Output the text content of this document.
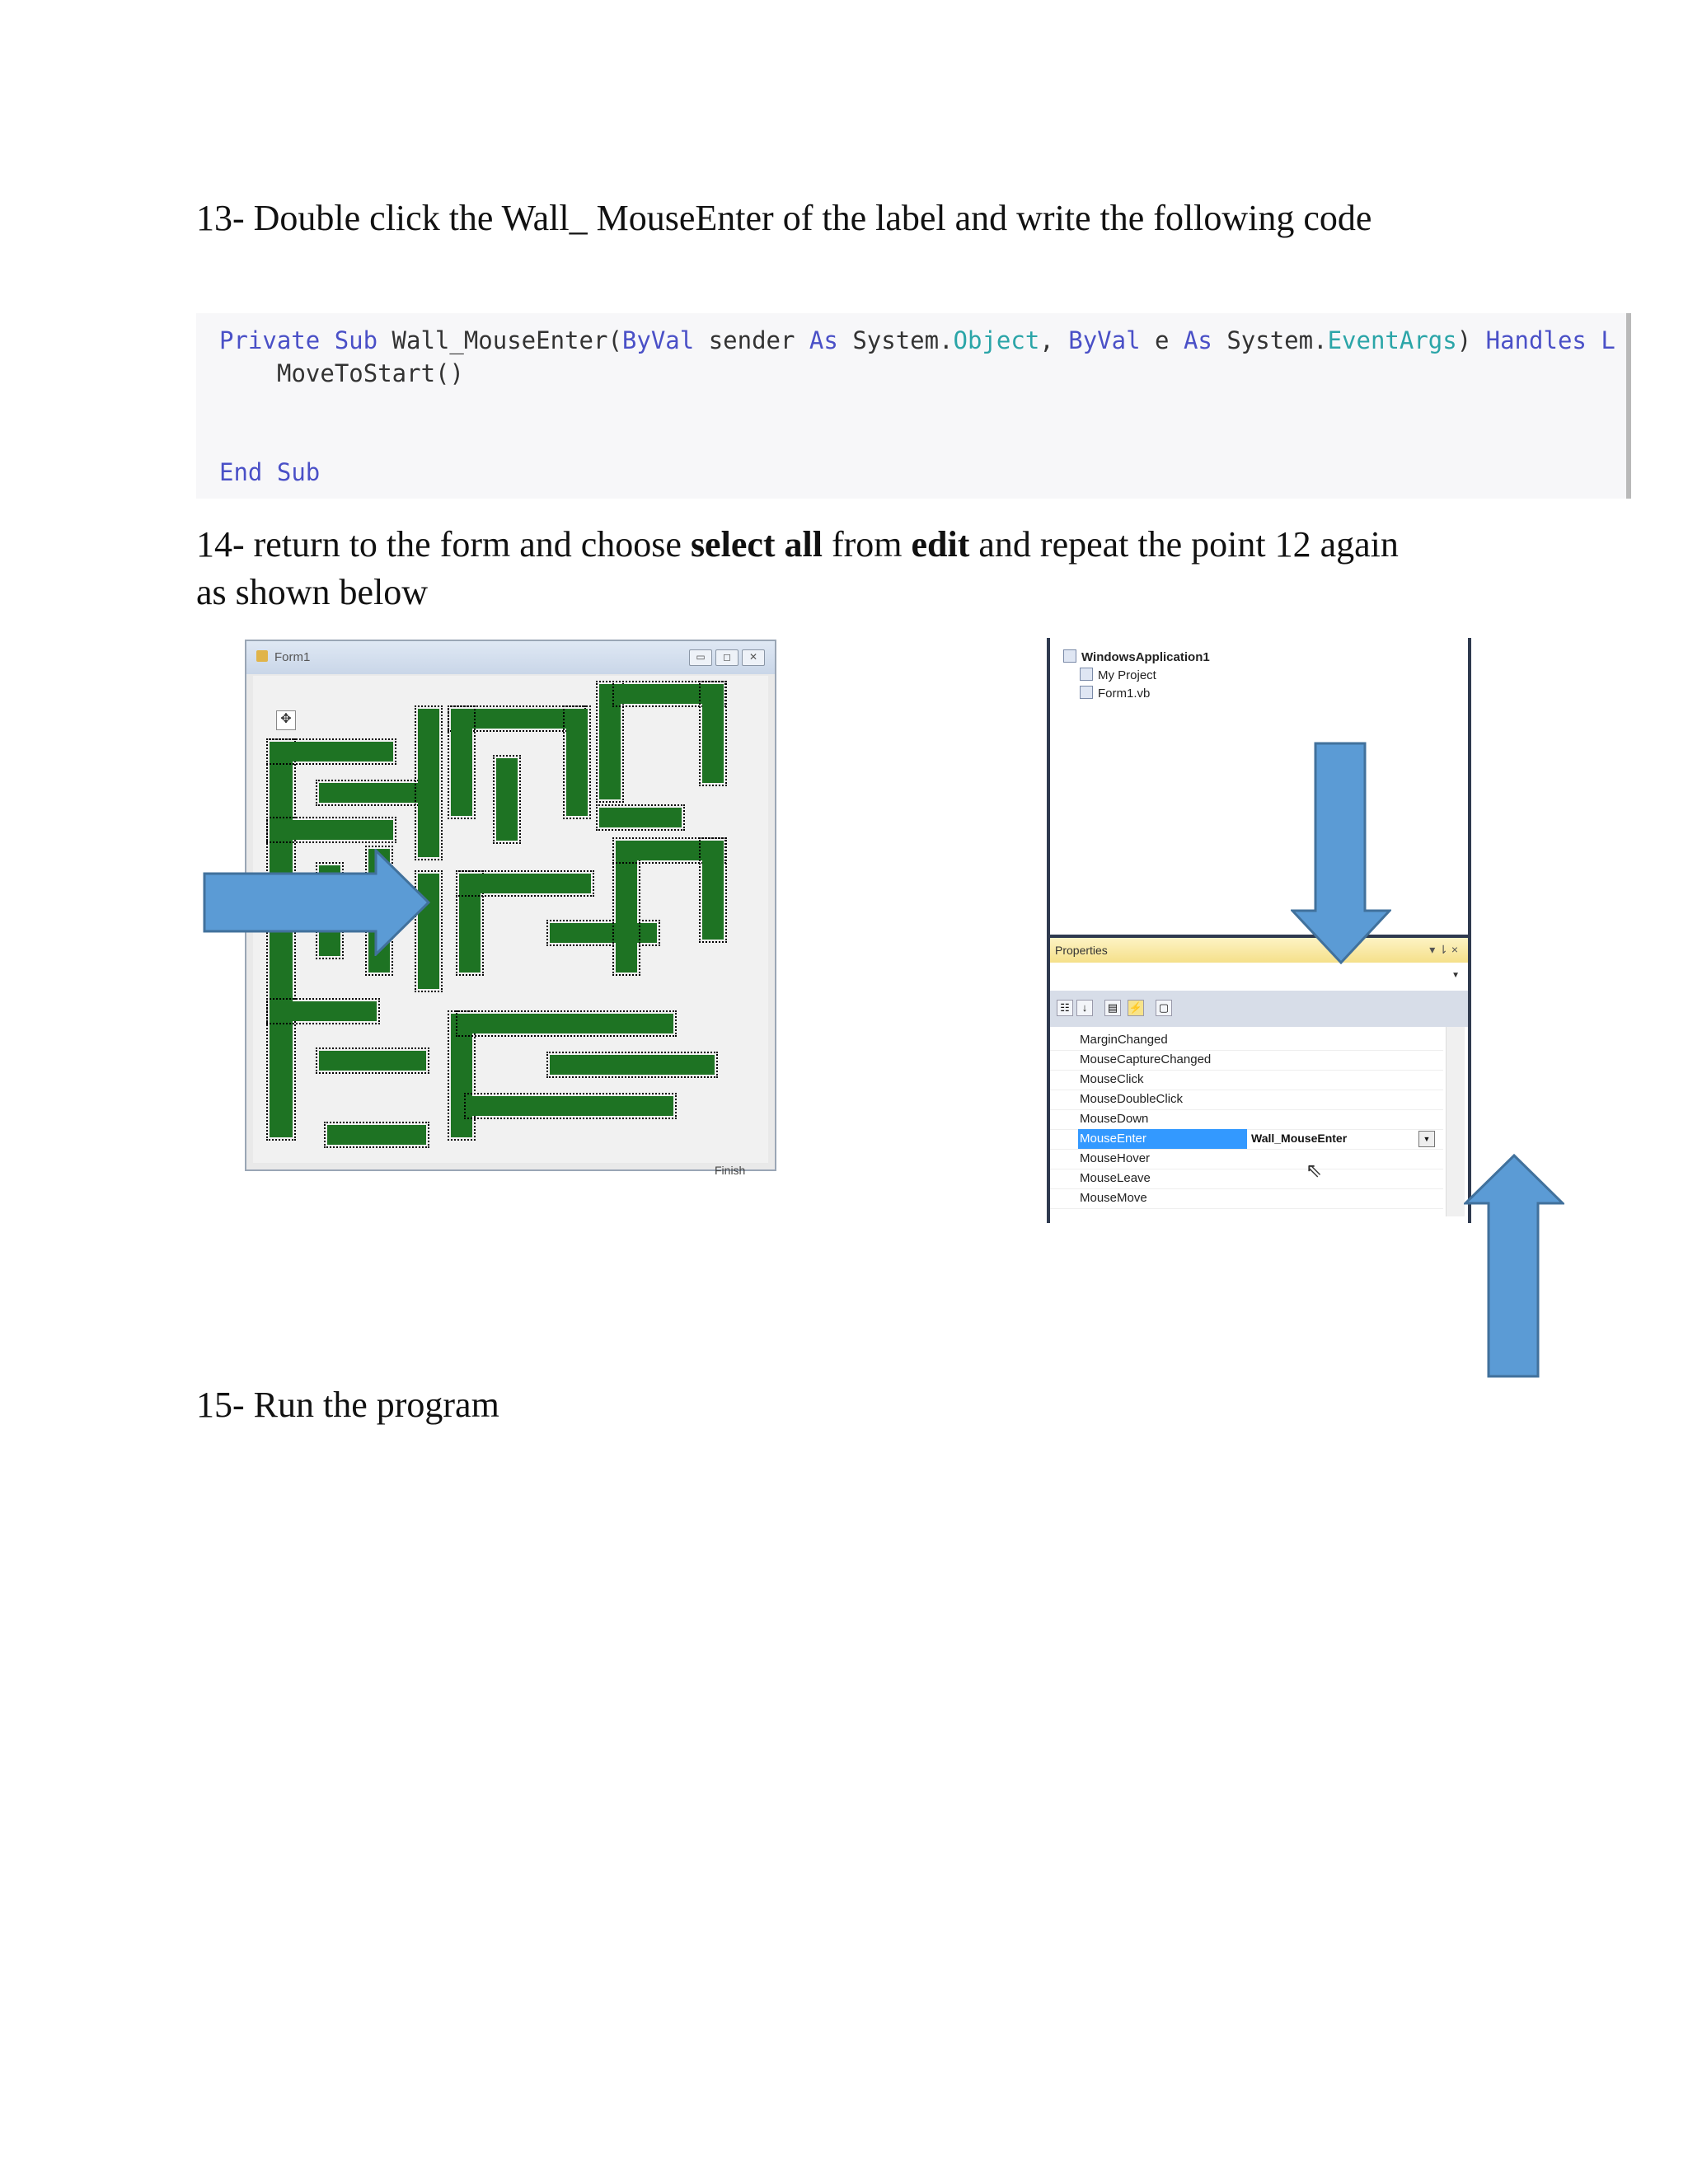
13- Double click the Wall_ MouseEnter of the label and write the following code
Private Sub Wall_MouseEnter(ByVal sender As System.Object, ByVal e As System.EventArgs) Handles L
MoveToStart()
End Sub
14- return to the form and choose select all from edit and repeat the point 12 again
as shown below
Form1	▭ ◻ ✕
✥
Finish
WindowsApplication1
My Project
Form1.vb
Properties	▾ ⇂ ×
▼
☷	↓	▤ ⚡ ▢
MarginChanged
MouseCaptureChanged
MouseClick
MouseDoubleClick
MouseDown
MouseEnter	Wall_MouseEnter	▼
MouseHover
MouseLeave
MouseMove
⇖
15- Run the program
